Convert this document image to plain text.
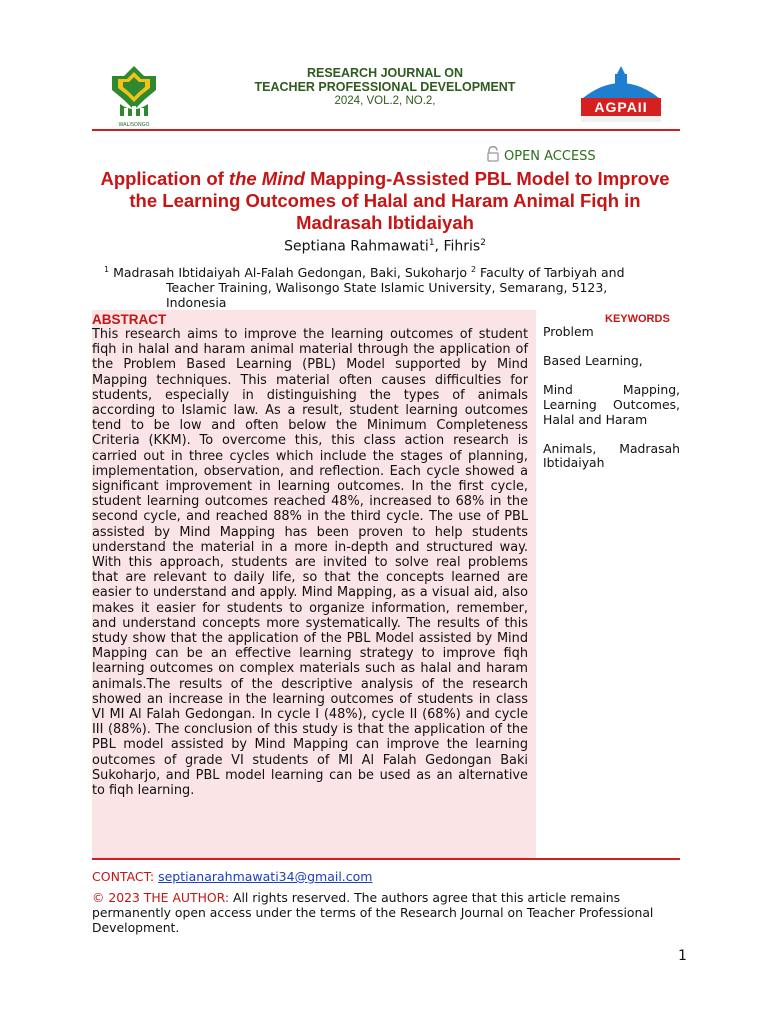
WALISONGO
RESEARCH JOURNAL ON
TEACHER PROFESSIONAL DEVELOPMENT
2024, VOL.2, NO.2,	AGPAII
OPEN ACCESS
Application of the Mind Mapping-Assisted PBL Model to Improve the Learning Outcomes of Halal and Haram Animal Fiqh in Madrasah Ibtidaiyah
Septiana Rahmawati$^1$, Fihris$^2$
$^1$ Madrasah Ibtidaiyah Al-Falah Gedongan, Baki, Sukoharjo $^2$ Faculty of Tarbiyah and
Teacher Training, Walisongo State Islamic University, Semarang, 5123,
Indonesia
ABSTRACT
This research aims to improve the learning outcomes of student fiqh in halal and haram animal material through the application of the Problem Based Learning (PBL) Model supported by Mind Mapping techniques. This material often causes difficulties for students, especially in distinguishing the types of animals according to Islamic law. As a result, student learning outcomes tend to be low and often below the Minimum Completeness Criteria (KKM). To overcome this, this class action research is carried out in three cycles which include the stages of planning, implementation, observation, and reflection. Each cycle showed a significant improvement in learning outcomes. In the first cycle, student learning outcomes reached 48%, increased to 68% in the second cycle, and reached 88% in the third cycle. The use of PBL assisted by Mind Mapping has been proven to help students understand the material in a more in-depth and structured way. With this approach, students are invited to solve real problems that are relevant to daily life, so that the concepts learned are easier to understand and apply. Mind Mapping, as a visual aid, also makes it easier for students to organize information, remember, and understand concepts more systematically. The results of this study show that the application of the PBL Model assisted by Mind Mapping can be an effective learning strategy to improve fiqh learning outcomes on complex materials such as halal and haram animals.The results of the descriptive analysis of the research showed an increase in the learning outcomes of students in class VI MI Al Falah Gedongan. In cycle I (48%), cycle II (68%) and cycle III (88%). The conclusion of this study is that the application of the PBL model assisted by Mind Mapping can improve the learning outcomes of grade VI students of MI Al Falah Gedongan Baki Sukoharjo, and PBL model learning can be used as an alternative to fiqh learning.
KEYWORDS

Problem

Based Learning,

Mind Mapping, Learning Outcomes, Halal and Haram

Animals, Madrasah Ibtidaiyah

CONTACT: septianarahmawati34@gmail.com
© 2023 THE AUTHOR: All rights reserved. The authors agree that this article remains permanently open access under the terms of the Research Journal on Teacher Professional Development.
1
